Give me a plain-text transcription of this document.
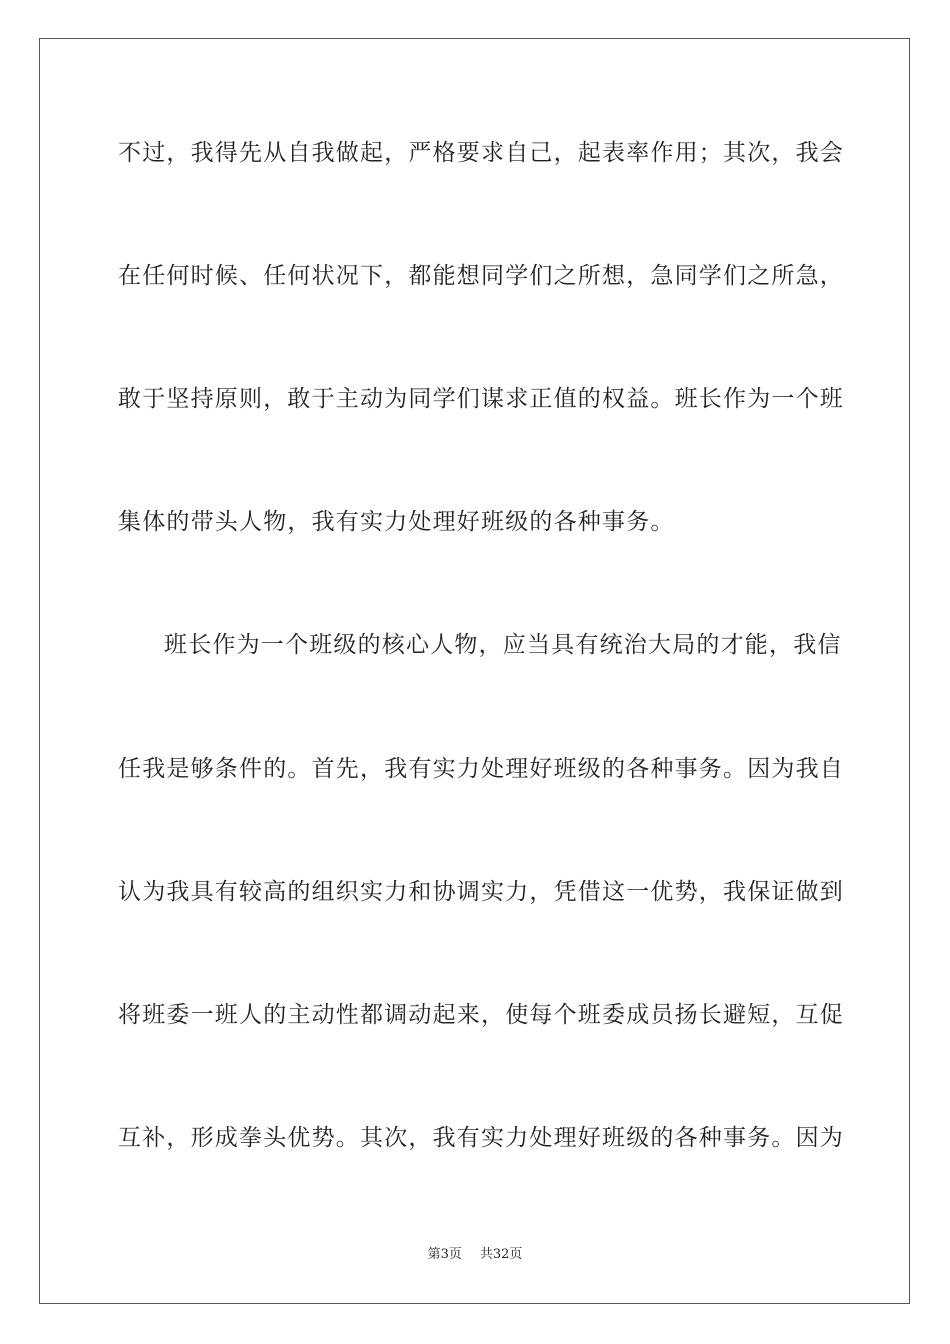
不过，我得先从自我做起，严格要求自己，起表率作用；其次，我会
在任何时候、任何状况下，都能想同学们之所想，急同学们之所急，
敢于坚持原则，敢于主动为同学们谋求正值的权益。班长作为一个班
集体的带头人物，我有实力处理好班级的各种事务。
班长作为一个班级的核心人物，应当具有统治大局的才能，我信
任我是够条件的。首先，我有实力处理好班级的各种事务。因为我自
认为我具有较高的组织实力和协调实力，凭借这一优势，我保证做到
将班委一班人的主动性都调动起来，使每个班委成员扬长避短，互促
互补，形成拳头优势。其次，我有实力处理好班级的各种事务。因为
第3页 共32页
